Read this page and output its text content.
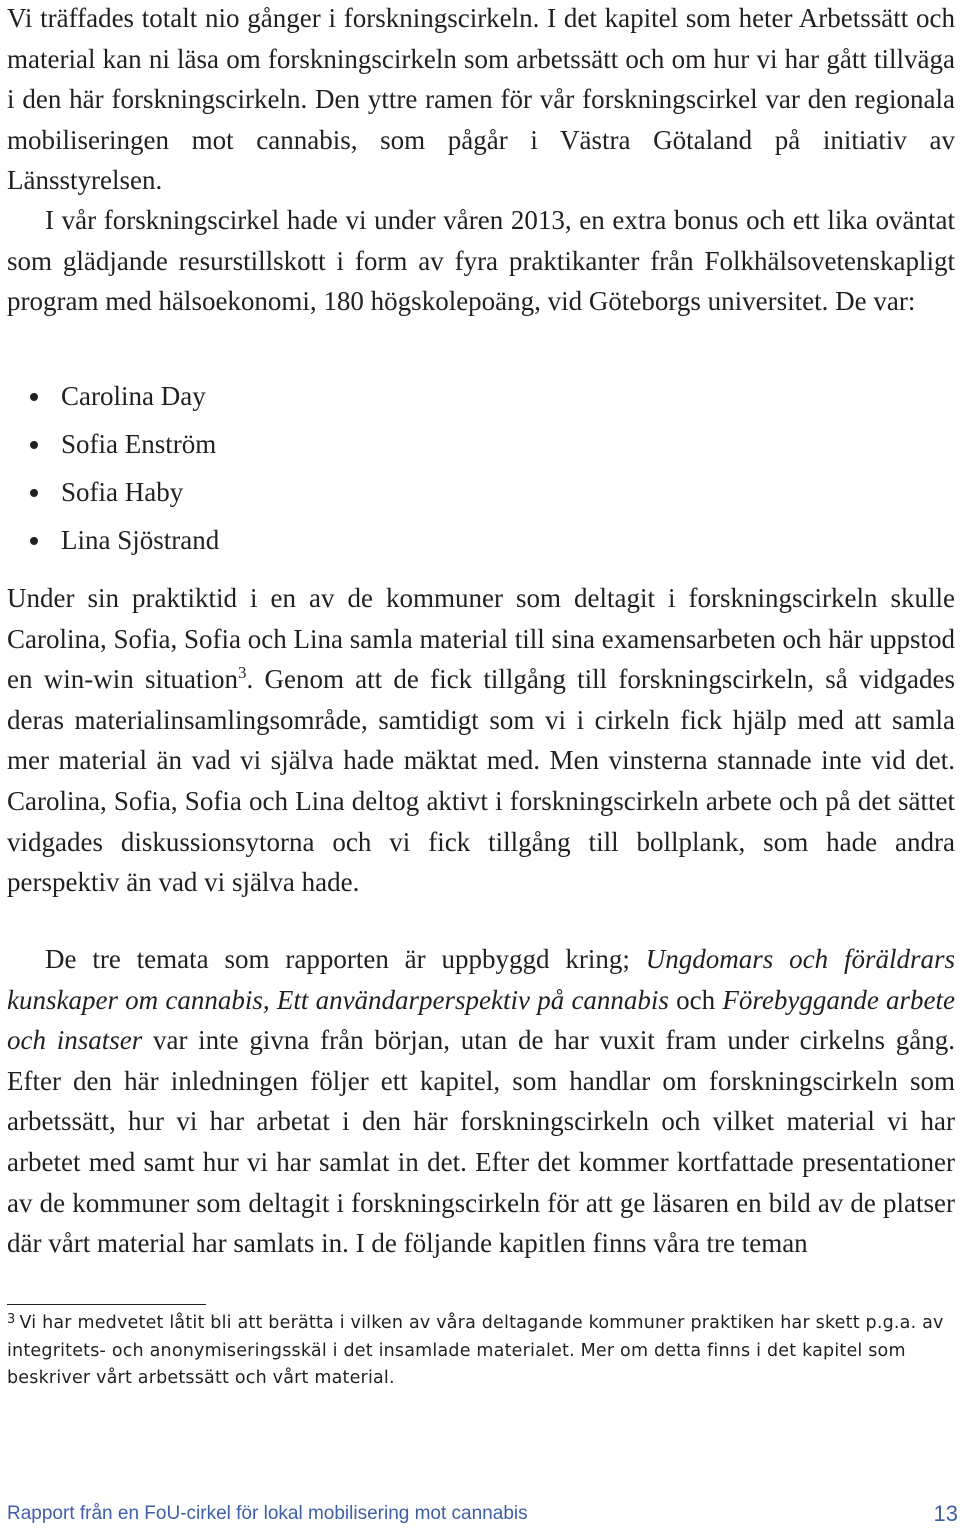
Vi träffades totalt nio gånger i forskningscirkeln. I det kapitel som heter Arbetssätt och material kan ni läsa om forskningscirkeln som arbetssätt och om hur vi har gått tillväga i den här forskningscirkeln. Den yttre ramen för vår forskningscirkel var den regionala mobiliseringen mot cannabis, som pågår i Västra Götaland på initiativ av Länsstyrelsen.

I vår forskningscirkel hade vi under våren 2013, en extra bonus och ett lika oväntat som glädjande resurstillskott i form av fyra praktikanter från Folkhälsovetenskapligt program med hälsoekonomi, 180 högskolepoäng, vid Göteborgs universitet. De var:

Carolina Day
Sofia Enström
Sofia Haby
Lina Sjöstrand

Under sin praktiktid i en av de kommuner som deltagit i forskningscirkeln skulle Carolina, Sofia, Sofia och Lina samla material till sina examensarbeten och här uppstod en win-win situation$^3$. Genom att de fick tillgång till forskningscirkeln, så vidgades deras materialinsamlingsområde, samtidigt som vi i cirkeln fick hjälp med att samla mer material än vad vi själva hade mäktat med. Men vinsterna stannade inte vid det. Carolina, Sofia, Sofia och Lina deltog aktivt i forskningscirkeln arbete och på det sättet vidgades diskussionsytorna och vi fick tillgång till bollplank, som hade andra perspektiv än vad vi själva hade.

De tre temata som rapporten är uppbyggd kring; Ungdomars och föräldrars kunskaper om cannabis, Ett användarperspektiv på cannabis och Förebyggande arbete och insatser var inte givna från början, utan de har vuxit fram under cirkelns gång. Efter den här inledningen följer ett kapitel, som handlar om forskningscirkeln som arbetssätt, hur vi har arbetat i den här forskningscirkeln och vilket material vi har arbetet med samt hur vi har samlat in det. Efter det kommer kortfattade presentationer av de kommuner som deltagit i forskningscirkeln för att ge läsaren en bild av de platser där vårt material har samlats in. I de följande kapitlen finns våra tre teman

$^3$ Vi har medvetet låtit bli att berätta i vilken av våra deltagande kommuner praktiken har skett p.g.a. av integritets- och anonymiseringsskäl i det insamlade materialet. Mer om detta finns i det kapitel som beskriver vårt arbetssätt och vårt material.

Rapport från en FoU-cirkel för lokal mobilisering mot cannabis	13
